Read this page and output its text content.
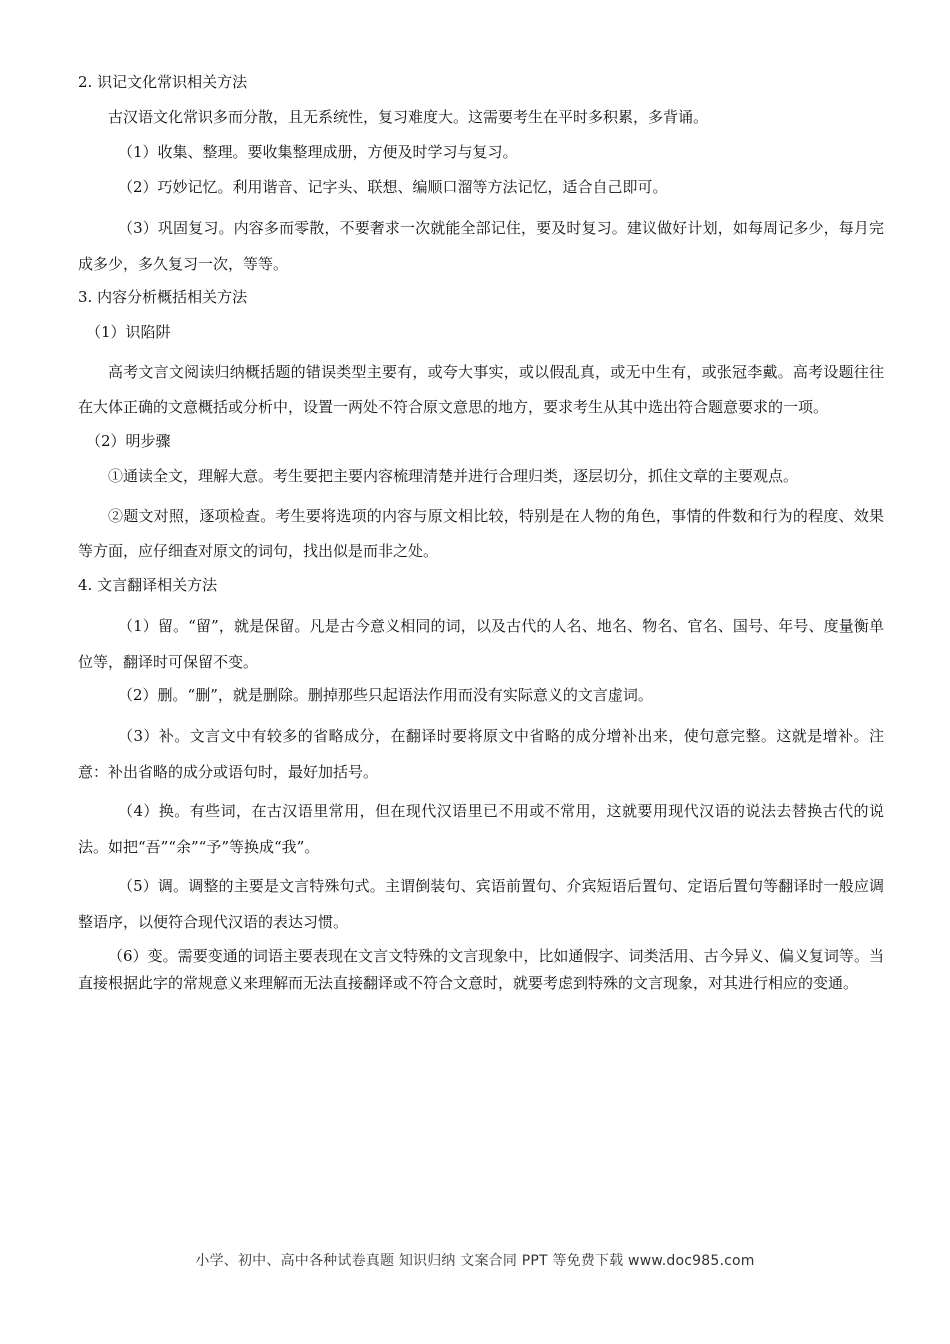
2. 识记文化常识相关方法

古汉语文化常识多而分散，且无系统性，复习难度大。这需要考生在平时多积累，多背诵。

（1）收集、整理。要收集整理成册，方便及时学习与复习。

（2）巧妙记忆。利用谐音、记字头、联想、编顺口溜等方法记忆，适合自己即可。

（3）巩固复习。内容多而零散，不要奢求一次就能全部记住，要及时复习。建议做好计划，如每周记多少，每月完成多少，多久复习一次，等等。

3. 内容分析概括相关方法

（1）识陷阱

高考文言文阅读归纳概括题的错误类型主要有，或夸大事实，或以假乱真，或无中生有，或张冠李戴。高考设题往往在大体正确的文意概括或分析中，设置一两处不符合原文意思的地方，要求考生从其中选出符合题意要求的一项。

（2）明步骤

①通读全文，理解大意。考生要把主要内容梳理清楚并进行合理归类，逐层切分，抓住文章的主要观点。

②题文对照，逐项检查。考生要将选项的内容与原文相比较，特别是在人物的角色，事情的件数和行为的程度、效果等方面，应仔细查对原文的词句，找出似是而非之处。

4. 文言翻译相关方法

（1）留。“留”，就是保留。凡是古今意义相同的词，以及古代的人名、地名、物名、官名、国号、年号、度量衡单位等，翻译时可保留不变。

（2）删。“删”，就是删除。删掉那些只起语法作用而没有实际意义的文言虚词。

（3）补。文言文中有较多的省略成分，在翻译时要将原文中省略的成分增补出来，使句意完整。这就是增补。注意：补出省略的成分或语句时，最好加括号。

（4）换。有些词，在古汉语里常用，但在现代汉语里已不用或不常用，这就要用现代汉语的说法去替换古代的说法。如把“吾”“余”“予”等换成“我”。

（5）调。调整的主要是文言特殊句式。主谓倒装句、宾语前置句、介宾短语后置句、定语后置句等翻译时一般应调整语序，以便符合现代汉语的表达习惯。

（6）变。需要变通的词语主要表现在文言文特殊的文言现象中，比如通假字、词类活用、古今异义、偏义复词等。当直接根据此字的常规意义来理解而无法直接翻译或不符合文意时，就要考虑到特殊的文言现象，对其进行相应的变通。

小学、初中、高中各种试卷真题 知识归纳 文案合同 PPT 等免费下载 www.doc985.com
